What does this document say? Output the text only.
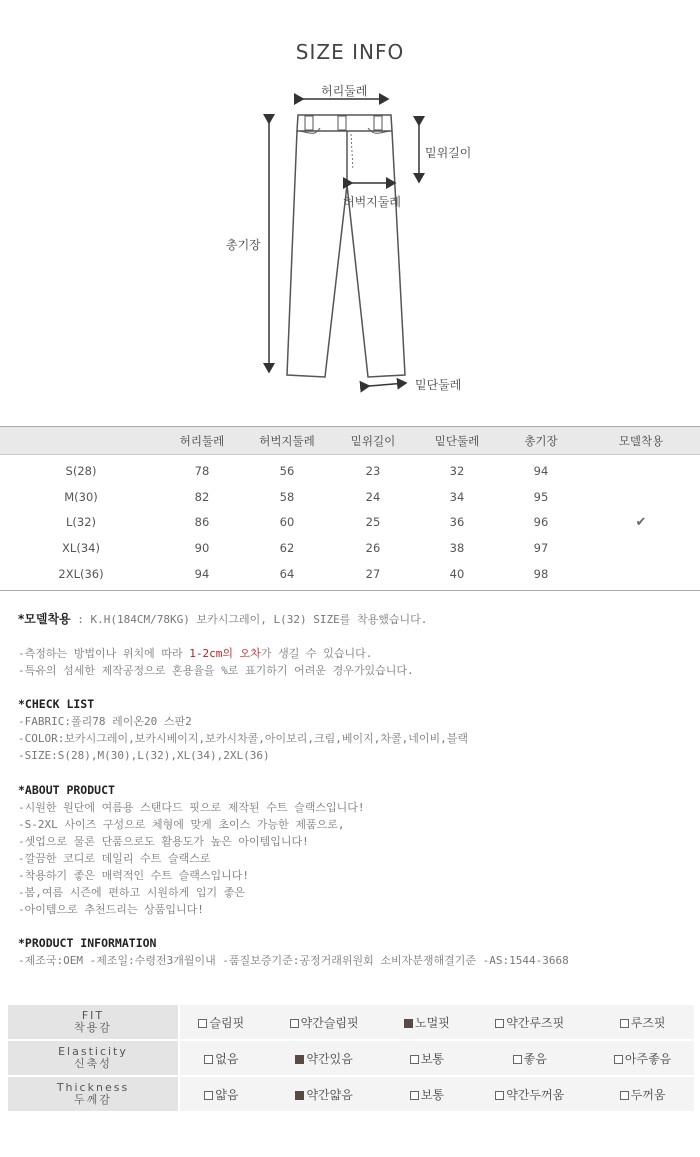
SIZE INFO
허리둘레
밑위길이
허벅지둘레
총기장
밑단둘레
	허리둘레	허벅지둘레	밑위길이	밑단둘레	총기장	모델착용
S(28)	78	56	23	32	94	
M(30)	82	58	24	34	95	
L(32)	86	60	25	36	96	✔
XL(34)	90	62	26	38	97	
2XL(36)	94	64	27	40	98	
*모델착용 : K.H(184CM/78KG) 보카시그레이, L(32) SIZE를 착용했습니다.
-측정하는 방법이나 위치에 따라 1-2cm의 오차가 생길 수 있습니다.
-특유의 섬세한 제작공정으로 혼용율을 %로 표기하기 어려운 경우가있습니다.
*CHECK LIST
-FABRIC:폴리78 레이온20 스판2
-COLOR:보카시그레이,보카시베이지,보카시차콜,아이보리,크림,베이지,차콜,네이비,블랙
-SIZE:S(28),M(30),L(32),XL(34),2XL(36)
*ABOUT PRODUCT
-시원한 원단에 여름용 스탠다드 핏으로 제작된 수트 슬랙스입니다!
-S-2XL 사이즈 구성으로 체형에 맞게 초이스 가능한 제품으로,
-셋업으로 물론 단품으로도 활용도가 높은 아이템입니다!
-깔끔한 코디로 데일리 수트 슬랙스로
-착용하기 좋은 매력적인 수트 슬랙스입니다!
-봄,여름 시즌에 편하고 시원하게 입기 좋은
-아이템으로 추천드리는 상품입니다!
*PRODUCT INFORMATION
-제조국:OEM -제조일:수령전3개월이내 -품질보증기준:공정거래위원회 소비자분쟁해결기준 -AS:1544-3668
FIT
착용감	슬림핏	약간슬림핏	노멀핏	약간루즈핏	루즈핏

Elasticity
신축성	없음	약간있음	보통	좋음	아주좋음

Thickness
두께감	얇음	약간얇음	보통	약간두꺼움	두꺼움
